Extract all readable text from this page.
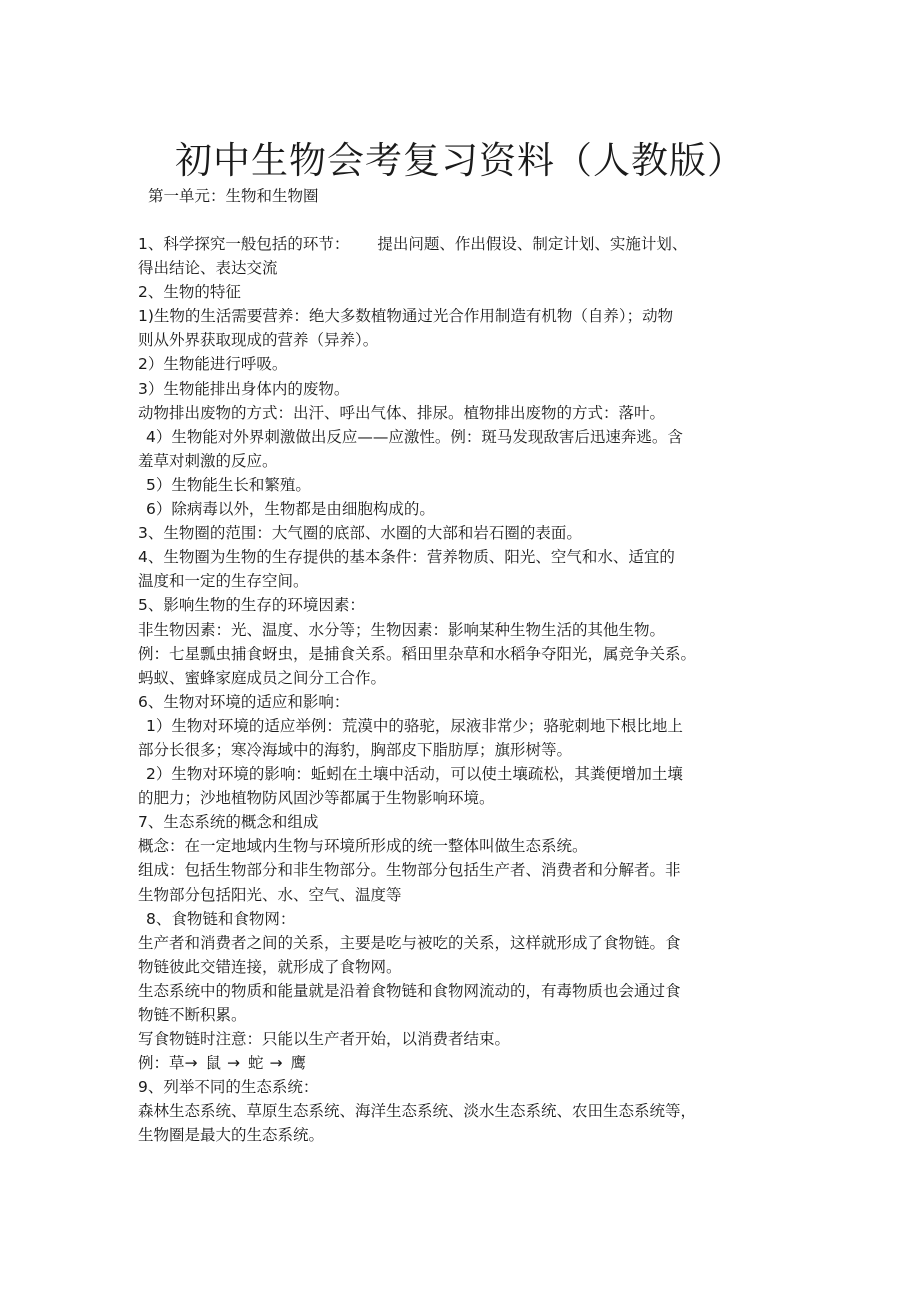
初中生物会考复习资料（人教版）
第一单元：生物和生物圈

1、科学探究一般包括的环节： 提出问题、作出假设、制定计划、实施计划、

得出结论、表达交流

2、生物的特征

1)生物的生活需要营养：绝大多数植物通过光合作用制造有机物（自养）；动物

则从外界获取现成的营养（异养）。

2）生物能进行呼吸。

3）生物能排出身体内的废物。

动物排出废物的方式：出汗、呼出气体、排尿。植物排出废物的方式：落叶。

4）生物能对外界刺激做出反应——应激性。例：斑马发现敌害后迅速奔逃。含

羞草对刺激的反应。

5）生物能生长和繁殖。

6）除病毒以外，生物都是由细胞构成的。

3、生物圈的范围：大气圈的底部、水圈的大部和岩石圈的表面。

4、生物圈为生物的生存提供的基本条件：营养物质、阳光、空气和水、适宜的

温度和一定的生存空间。

5、影响生物的生存的环境因素：

非生物因素：光、温度、水分等；生物因素：影响某种生物生活的其他生物。

例：七星瓢虫捕食蚜虫，是捕食关系。稻田里杂草和水稻争夺阳光，属竞争关系。

蚂蚁、蜜蜂家庭成员之间分工合作。

6、生物对环境的适应和影响：

1）生物对环境的适应举例：荒漠中的骆驼，尿液非常少；骆驼刺地下根比地上

部分长很多；寒冷海域中的海豹，胸部皮下脂肪厚；旗形树等。

2）生物对环境的影响：蚯蚓在土壤中活动，可以使土壤疏松，其粪便增加土壤

的肥力；沙地植物防风固沙等都属于生物影响环境。

7、生态系统的概念和组成

概念：在一定地域内生物与环境所形成的统一整体叫做生态系统。

组成：包括生物部分和非生物部分。生物部分包括生产者、消费者和分解者。非

生物部分包括阳光、水、空气、温度等

8、食物链和食物网：

生产者和消费者之间的关系，主要是吃与被吃的关系，这样就形成了食物链。食

物链彼此交错连接，就形成了食物网。

生态系统中的物质和能量就是沿着食物链和食物网流动的，有毒物质也会通过食

物链不断积累。

写食物链时注意：只能以生产者开始，以消费者结束。

例：草→ 鼠 → 蛇 → 鹰

9、列举不同的生态系统：

森林生态系统、草原生态系统、海洋生态系统、淡水生态系统、农田生态系统等，

生物圈是最大的生态系统。
